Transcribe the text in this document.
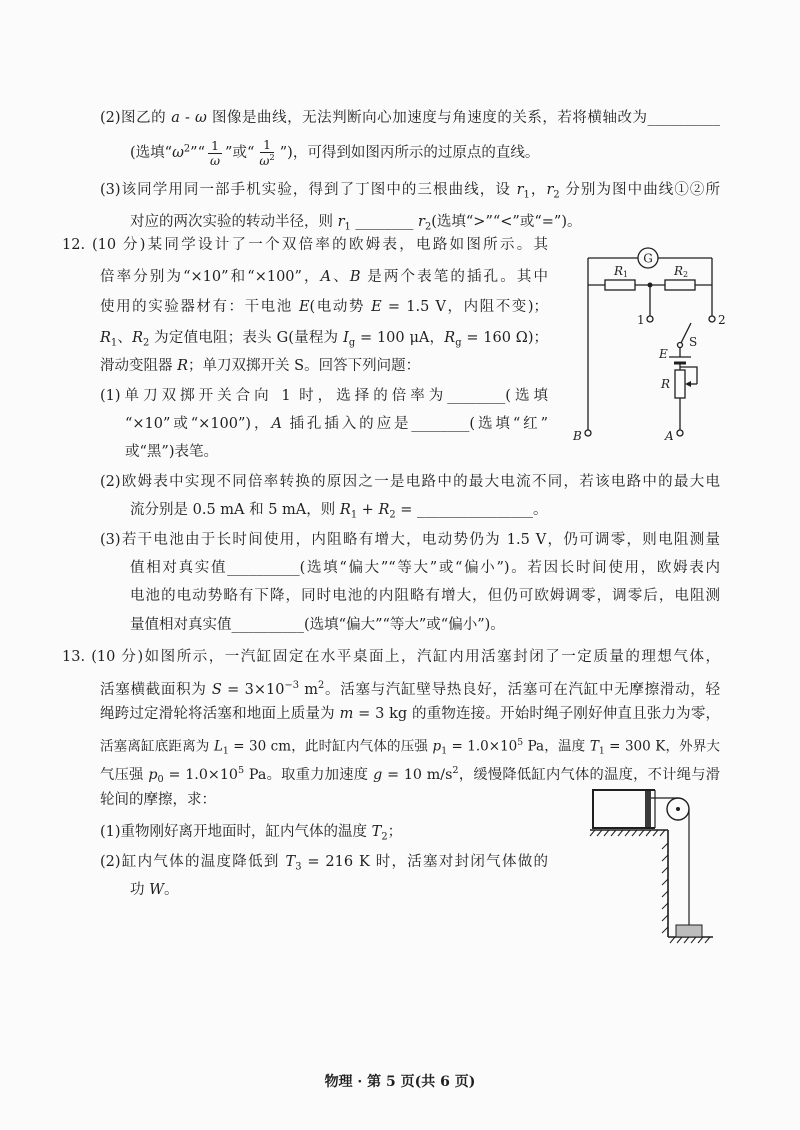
(2)图乙的 a - ω 图像是曲线，无法判断向心加速度与角速度的关系，若将横轴改为__________
(选填“$\omega^2”“ \frac{1}{\omega}$ ”或“ $\frac{1}{\omega^2}$ ”)，可得到如图丙所示的过原点的直线。
(3)该同学用同一部手机实验，得到了丁图中的三根曲线，设 $r_1$，$r_2$ 分别为图中曲线①②所
对应的两次实验的转动半径，则 $r_1$ ________ $r_2$(选填“>”“<”或“=”)。
12. (10 分)某同学设计了一个双倍率的欧姆表，电路如图所示。其
倍率分别为“×10”和“×100”，A、B 是两个表笔的插孔。其中
使用的实验器材有：干电池 E(电动势 E = 1.5 V，内阻不变)；
$R_1$、$R_2$ 为定值电阻；表头 G(量程为 $I_g = 100$ μA，$R_g = 160$ Ω)；
滑动变阻器 R；单刀双掷开关 S。回答下列问题：
(1)单刀双掷开关合向 1 时，选择的倍率为________(选填
“×10”或“×100”)，A 插孔插入的应是________(选填“红”
或“黑”)表笔。
(2)欧姆表中实现不同倍率转换的原因之一是电路中的最大电流不同，若该电路中的最大电
流分别是 0.5 mA 和 5 mA，则 $R_1 + R_2$ = ________________。
(3)若干电池由于长时间使用，内阻略有增大，电动势仍为 1.5 V，仍可调零，则电阻测量
值相对真实值__________(选填“偏大”“等大”或“偏小”)。若因长时间使用，欧姆表内
电池的电动势略有下降，同时电池的内阻略有增大，但仍可欧姆调零，调零后，电阻测
量值相对真实值__________(选填“偏大”“等大”或“偏小”)。
G
R1	R2
1	2
S
E
R
A
B
13. (10 分)如图所示，一汽缸固定在水平桌面上，汽缸内用活塞封闭了一定质量的理想气体，
活塞横截面积为 $S = 3\times 10^{-3}$ $m^2$。活塞与汽缸壁导热良好，活塞可在汽缸中无摩擦滑动，轻
绳跨过定滑轮将活塞和地面上质量为 m = 3 kg 的重物连接。开始时绳子刚好伸直且张力为零，
活塞离缸底距离为 $L_1 = 30$ cm，此时缸内气体的压强 $p_1 = 1.0\times 10^5$ Pa，温度 $T_1 = 300$ K，外界大
气压强 $p_0 = 1.0\times 10^5$ Pa。取重力加速度 g = 10 $m/s^2$，缓慢降低缸内气体的温度，不计绳与滑
轮间的摩擦，求：
(1)重物刚好离开地面时，缸内气体的温度 $T_2$；
(2)缸内气体的温度降低到 $T_3 = 216$ K 时，活塞对封闭气体做的
功 W。
物理 · 第 5 页(共 6 页)
